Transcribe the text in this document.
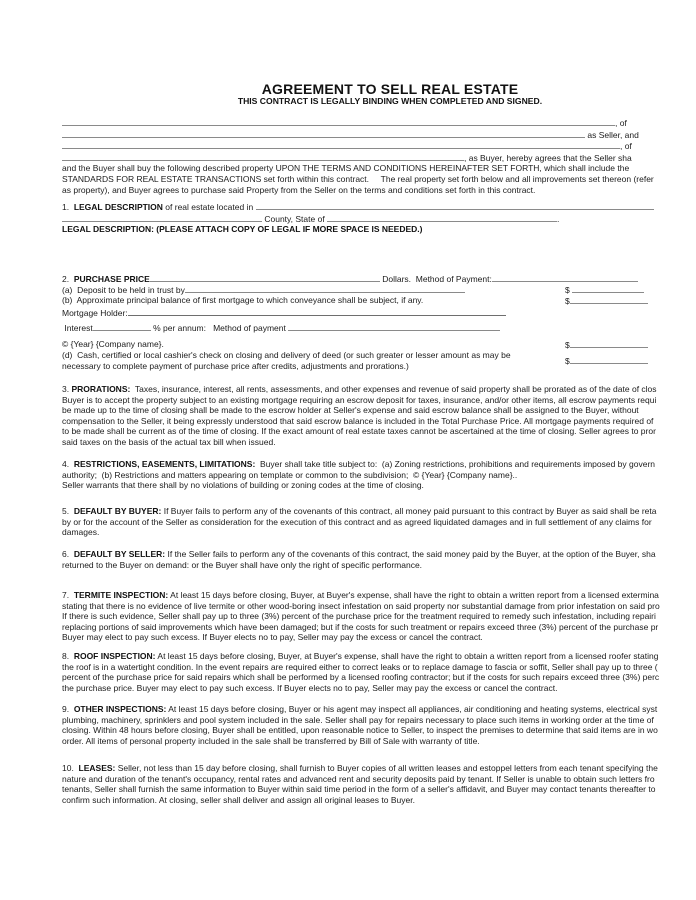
AGREEMENT TO SELL REAL ESTATE
THIS CONTRACT IS LEGALLY BINDING WHEN COMPLETED AND SIGNED.
, of
as Seller, and
, of
, as Buyer, hereby agrees that the Seller sha
and the Buyer shall buy the following described property UPON THE TERMS AND CONDITIONS HEREINAFTER SET FORTH, which shall include the
STANDARDS FOR REAL ESTATE TRANSACTIONS set forth within this contract.     The real property set forth below and all improvements set thereon (refer
as property), and Buyer agrees to purchase said Property from the Seller on the terms and conditions set forth in this contract.
1.  LEGAL DESCRIPTION of real estate located in
County, State of	.
LEGAL DESCRIPTION: (PLEASE ATTACH COPY OF LEGAL IF MORE SPACE IS NEEDED.)
2.  PURCHASE PRICE	Dollars.  Method of Payment:
(a)  Deposit to be held in trust by	$
(b)  Approximate principal balance of first mortgage to which conveyance shall be subject, if any.	$
Mortgage Holder:
Interest	% per annum:   Method of payment
© {Year} {Company name}.	$
(d)  Cash, certified or local cashier's check on closing and delivery of deed (or such greater or lesser amount as may be
necessary to complete payment of purchase price after credits, adjustments and prorations.)	$
3. PRORATIONS:  Taxes, insurance, interest, all rents, assessments, and other expenses and revenue of said property shall be prorated as of the date of clos
Buyer is to accept the property subject to an existing mortgage requiring an escrow deposit for taxes, insurance, and/or other items, all escrow payments requi
be made up to the time of closing shall be made to the escrow holder at Seller's expense and said escrow balance shall be assigned to the Buyer, without
compensation to the Seller, it being expressly understood that said escrow balance is included in the Total Purchase Price. All mortgage payments required of
to be made shall be current as of the time of closing. If the exact amount of real estate taxes cannot be ascertained at the time of closing. Seller agrees to pror
said taxes on the basis of the actual tax bill when issued.
4.  RESTRICTIONS, EASEMENTS, LIMITATIONS:  Buyer shall take title subject to:  (a) Zoning restrictions, prohibitions and requirements imposed by govern
authority;  (b) Restrictions and matters appearing on template or common to the subdivision;  © {Year} {Company name}..
Seller warrants that there shall by no violations of building or zoning codes at the time of closing.
5.  DEFAULT BY BUYER: If Buyer fails to perform any of the covenants of this contract, all money paid pursuant to this contract by Buyer as said shall be reta
by or for the account of the Seller as consideration for the execution of this contract and as agreed liquidated damages and in full settlement of any claims for
damages.
6.  DEFAULT BY SELLER: If the Seller fails to perform any of the covenants of this contract, the said money paid by the Buyer, at the option of the Buyer, sha
returned to the Buyer on demand: or the Buyer shall have only the right of specific performance.
7.  TERMITE INSPECTION: At least 15 days before closing, Buyer, at Buyer's expense, shall have the right to obtain a written report from a licensed extermina
stating that there is no evidence of live termite or other wood-boring insect infestation on said property nor substantial damage from prior infestation on said pro
If there is such evidence, Seller shall pay up to three (3%) percent of the purchase price for the treatment required to remedy such infestation, including repairi
replacing portions of said improvements which have been damaged; but if the costs for such treatment or repairs exceed three (3%) percent of the purchase pr
Buyer may elect to pay such excess. If Buyer elects no to pay, Seller may pay the excess or cancel the contract.
8.  ROOF INSPECTION: At least 15 days before closing, Buyer, at Buyer's expense, shall have the right to obtain a written report from a licensed roofer stating
the roof is in a watertight condition. In the event repairs are required either to correct leaks or to replace damage to fascia or soffit, Seller shall pay up to three (
percent of the purchase price for said repairs which shall be performed by a licensed roofing contractor; but if the costs for such repairs exceed three (3%) perc
the purchase price. Buyer may elect to pay such excess. If Buyer elects no to pay, Seller may pay the excess or cancel the contract.
9.  OTHER INSPECTIONS: At least 15 days before closing, Buyer or his agent may inspect all appliances, air conditioning and heating systems, electrical syst
plumbing, machinery, sprinklers and pool system included in the sale. Seller shall pay for repairs necessary to place such items in working order at the time of
closing. Within 48 hours before closing, Buyer shall be entitled, upon reasonable notice to Seller, to inspect the premises to determine that said items are in wo
order. All items of personal property included in the sale shall be transferred by Bill of Sale with warranty of title.
10.  LEASES: Seller, not less than 15 day before closing, shall furnish to Buyer copies of all written leases and estoppel letters from each tenant specifying the
nature and duration of the tenant's occupancy, rental rates and advanced rent and security deposits paid by tenant. If Seller is unable to obtain such letters fro
tenants, Seller shall furnish the same information to Buyer within said time period in the form of a seller's affidavit, and Buyer may contact tenants thereafter to
confirm such information. At closing, seller shall deliver and assign all original leases to Buyer.
